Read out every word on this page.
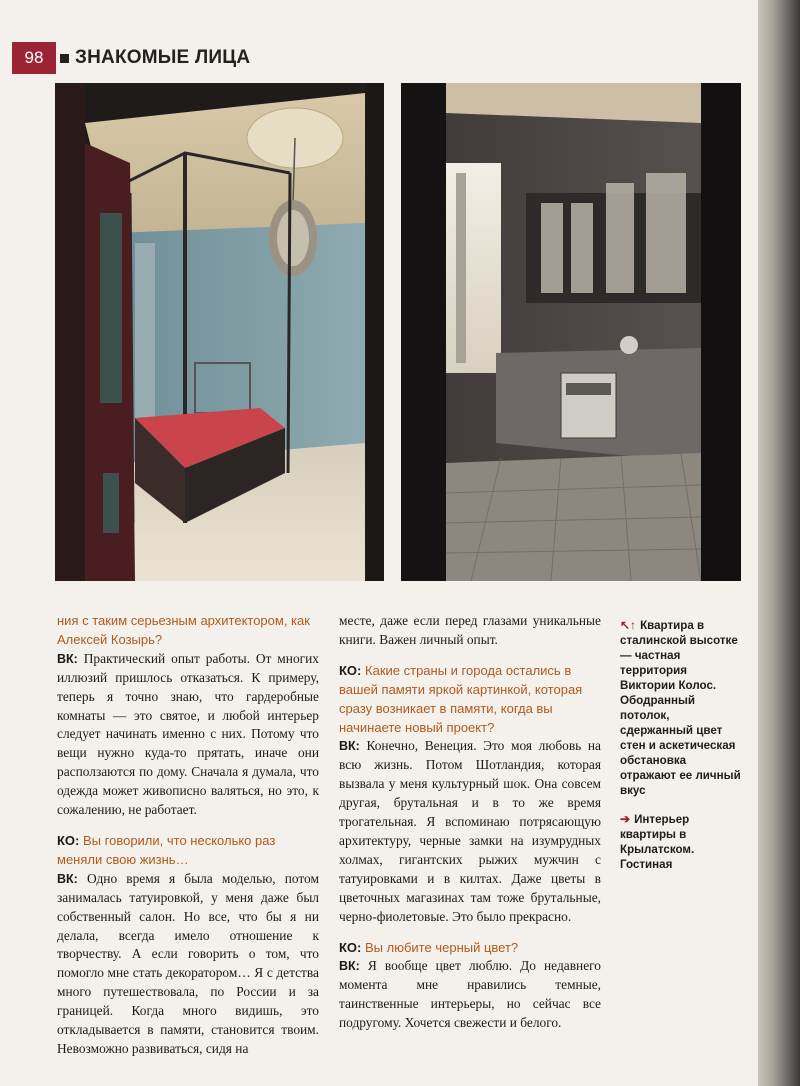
98	ЗНАКОМЫЕ ЛИЦА

ния с таким серьезным архитектором, как Алексей Козырь?

ВК: Практический опыт работы. От многих иллюзий пришлось отказаться. К примеру, теперь я точно знаю, что гардеробные комнаты — это святое, и любой интерьер следует начинать именно с них. Потому что вещи нужно куда-то прятать, иначе они расползаются по дому. Сначала я думала, что одежда может живописно валяться, но это, к сожалению, не работает.

КО: Вы говорили, что несколько раз меняли свою жизнь…

ВК: Одно время я была моделью, потом занималась татуировкой, у меня даже был собственный салон. Но все, что бы я ни делала, всегда имело отношение к творчеству. А если говорить о том, что помогло мне стать декоратором… Я с детства много путешествовала, по России и за границей. Когда много видишь, это откладывается в памяти, становится твоим. Невозможно развиваться, сидя на

месте, даже если перед глазами уникальные книги. Важен личный опыт.

КО: Какие страны и города остались в вашей памяти яркой картинкой, которая сразу возникает в памяти, когда вы начинаете новый проект?

ВК: Конечно, Венеция. Это моя любовь на всю жизнь. Потом Шотландия, которая вызвала у меня культурный шок. Она совсем другая, брутальная и в то же время трогательная. Я вспоминаю потрясающую архитектуру, черные замки на изумрудных холмах, гигантских рыжих мужчин с татуировками и в килтах. Даже цветы в цветочных магазинах там тоже брутальные, черно-фиолетовые. Это было прекрасно.

КО: Вы любите черный цвет?

ВК: Я вообще цвет люблю. До недавнего момента мне нравились темные, таинственные интерьеры, но сейчас все подругому. Хочется свежести и белого.

↖↑ Квартира в сталинской высотке — частная территория Виктории Колос. Ободранный потолок, сдержанный цвет стен и аскетическая обстановка отражают ее личный вкус
➔ Интерьер квартиры в Крылатском. Гостиная
